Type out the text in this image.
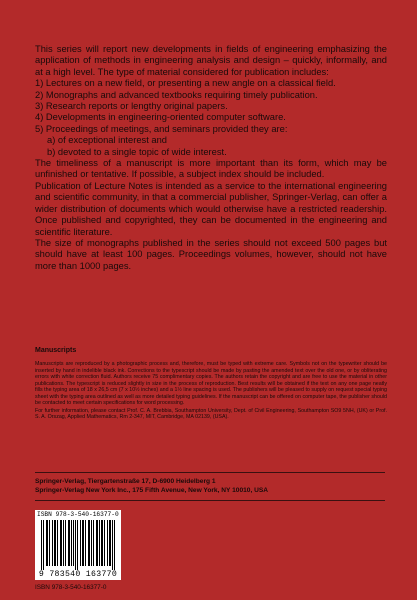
This series will report new developments in fields of engineering emphasizing the application of methods in engineering analysis and design – quickly, informally, and at a high level. The type of material considered for publication includes:

1) Lectures on a new field, or presenting a new angle on a classical field.

2) Monographs and advanced textbooks requiring timely publication.

3) Research reports or lengthy original papers.

4) Developments in engineering-oriented computer software.

5) Proceedings of meetings, and seminars provided they are:

a) of exceptional interest and

b) devoted to a single topic of wide interest.

The timeliness of a manuscript is more important than its form, which may be unfinished or tentative. If possible, a subject index should be included.

Publication of Lecture Notes is intended as a service to the international engineering and scientific community, in that a commercial publisher, Springer-Verlag, can offer a wider distribution of documents which would otherwise have a restricted readership. Once published and copyrighted, they can be documented in the engineering and scientific literature.

The size of monographs published in the series should not exceed 500 pages but should have at least 100 pages. Proceedings volumes, however, should not have more than 1000 pages.

Manuscripts

Manuscripts are reproduced by a photographic process and, therefore, must be typed with extreme care. Symbols not on the typewriter should be inserted by hand in indelible black ink. Corrections to the typescript should be made by pasting the amended text over the old one, or by obliterating errors with white correction fluid. Authors receive 75 complimentary copies. The authors retain the copyright and are free to use the material in other publications. The typescript is reduced slightly in size in the process of reproduction. Best results will be obtained if the text on any one page neatly fills the typing area of 18 x 26,5 cm (7 x 10½ inches) and a 1½ line spacing is used. The publishers will be pleased to supply on request special typing sheet with the typing area outlined as well as more detailed typing guidelines. If the manuscript can be offered on computer tape, the publisher should be contacted to meet certain specifications for word processing.

For further information, please contact Prof. C. A. Brebbia, Southampton University, Dept. of Civil Engineering, Southampton SO9 5NH, (UK) or Prof. S. A. Orszag, Applied Mathematics, Rm 2-347, MIT, Cambridge, MA 02139, (USA).

Springer-Verlag, Tiergartenstraße 17, D-6900 Heidelberg 1
Springer-Verlag New York Inc., 175 Fifth Avenue, New York, NY 10010, USA
ISBN 978-3-540-16377-0
9 783540 163770
ISBN 978-3-540-16377-0
